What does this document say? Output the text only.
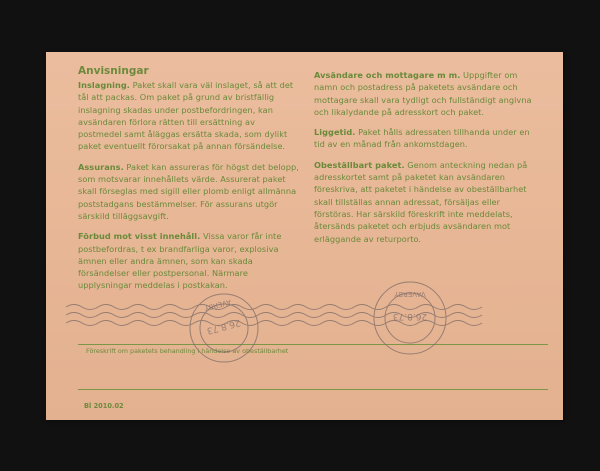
Anvisningar

Inslagning. Paket skall vara väl inslaget, så att det tål att packas. Om paket på grund av bristfällig inslagning skadas under postbefordringen, kan avsändaren förlora rätten till ersättning av postmedel samt åläggas ersätta skada, som dylikt paket eventuellt förorsakat på annan försändelse.

Assurans. Paket kan assureras för högst det belopp, som motsvarar innehållets värde. Assurerat paket skall förseglas med sigill eller plomb enligt allmänna poststadgans bestämmelser. För assurans utgör särskild tilläggsavgift.

Förbud mot visst innehåll. Vissa varor får inte postbefordras, t ex brandfarliga varor, explosiva ämnen eller andra ämnen, som kan skada försändelser eller postpersonal. Närmare upplysningar meddelas i postkakan.

Avsändare och mottagare m m. Uppgifter om namn och postadress på paketets avsändare och mottagare skall vara tydligt och fullständigt angivna och likalydande på adresskort och paket.

Liggetid. Paket hålls adressaten tillhanda under en tid av en månad från ankomstdagen.

Obeställbart paket. Genom anteckning nedan på adresskortet samt på paketet kan avsändaren föreskriva, att paketet i händelse av obeställbarhet skall tillställas annan adressat, försäljas eller förstöras. Har särskild föreskrift inte meddelats, återsänds paketet och erbjuds avsändaren mot erläggande av returporto.

Föreskrift om paketets behandling i händelse av obeställbarhet
Bl 2010.02
26.8.73
AVERBY
26.8.73
VAVERBY
